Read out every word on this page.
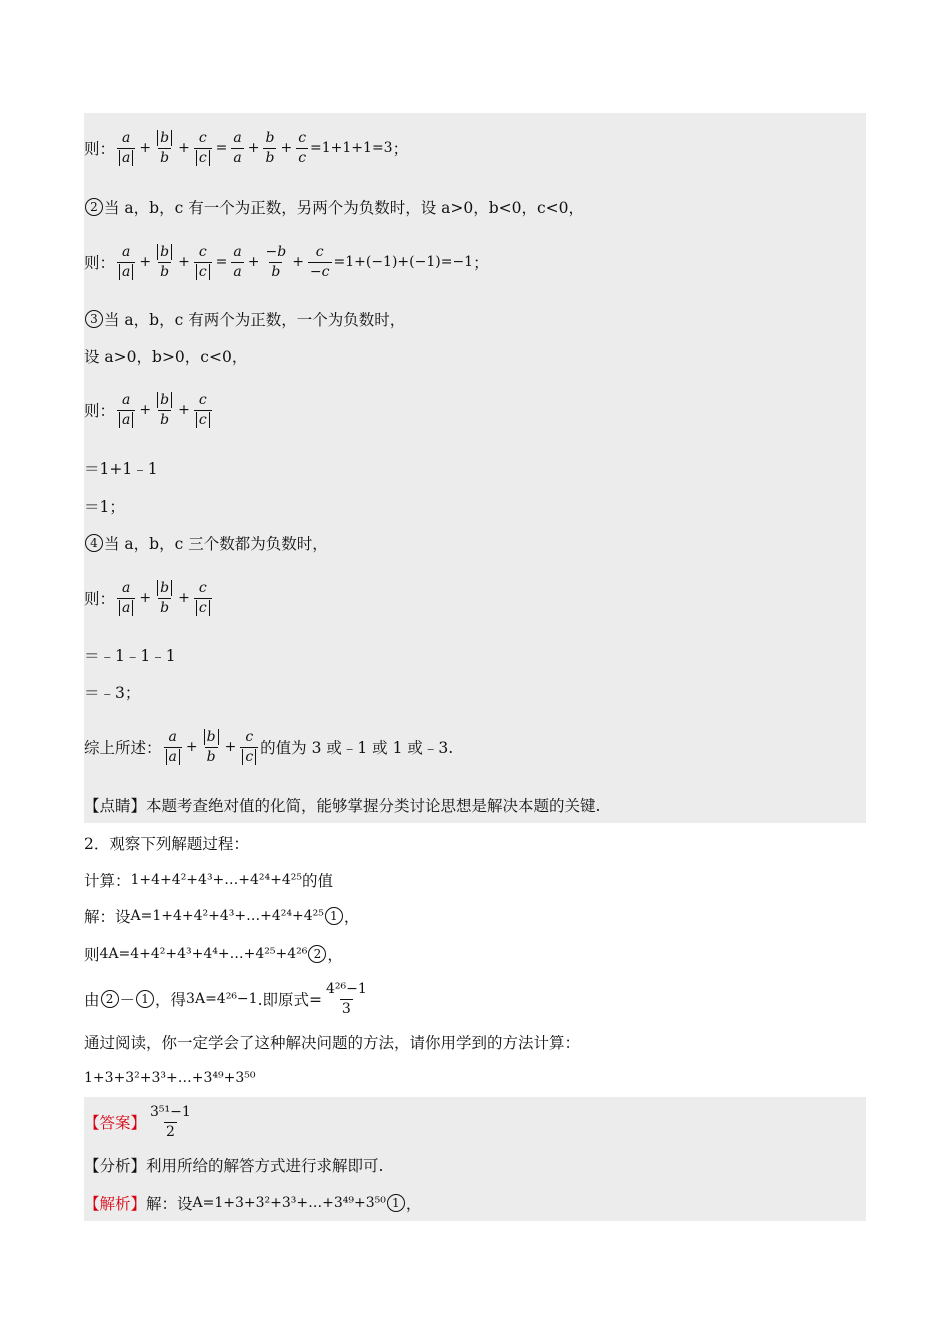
则： $\frac{a}{a} + \frac{b}{b} + \frac{c}{c} = \frac{a}{a} + \frac{b}{b} + \frac{c}{c} =1+1+1=3$ ；
2 当 a，b，c 有一个为正数，另两个为负数时，设 a>0，b<0，c<0，
则： $\frac{a}{a} + \frac{b}{b} + \frac{c}{c} = \frac{a}{a} + \frac{-b}{b} + \frac{c}{-c} =1+(-1)+(-1)=-1$ ；
3 当 a，b，c 有两个为正数，一个为负数时，
设 a>0，b>0，c<0，
则： $\frac{a}{a} + \frac{b}{b} + \frac{c}{c}$
＝1+1﹣1
＝1；
4 当 a，b，c 三个数都为负数时，
则： $\frac{a}{a} + \frac{b}{b} + \frac{c}{c}$
＝﹣1﹣1﹣1
＝﹣3；
综上所述： $\frac{a}{a} + \frac{b}{b} + \frac{c}{c}$ 的值为 3 或﹣1 或 1 或﹣3.
【点睛】 本题考查绝对值的化简，能够掌握分类讨论思想是解决本题的关键.
2．观察下列解题过程：
计算： 1+4+4²+4³+…+4²⁴+4²⁵ 的值
解：设 A=1+4+4²+4³+…+4²⁴+4²⁵ 1 ，
则 4A=4+4²+4³+4⁴+…+4²⁵+4²⁶ 2 ，
由 2 － 1 ，得 3A=4²⁶−1 .即原式= $\frac{\text{4²⁶−1}}{3}$
通过阅读，你一定学会了这种解决问题的方法，请你用学到的方法计算：
1+3+3²+3³+…+3⁴⁹+3⁵⁰
【答案】 $\frac{\text{3⁵¹−1}}{2}$
【分析】 利用所给的解答方式进行求解即可.
【解析】 解：设 A=1+3+3²+3³+…+3⁴⁹+3⁵⁰ 1 ，
